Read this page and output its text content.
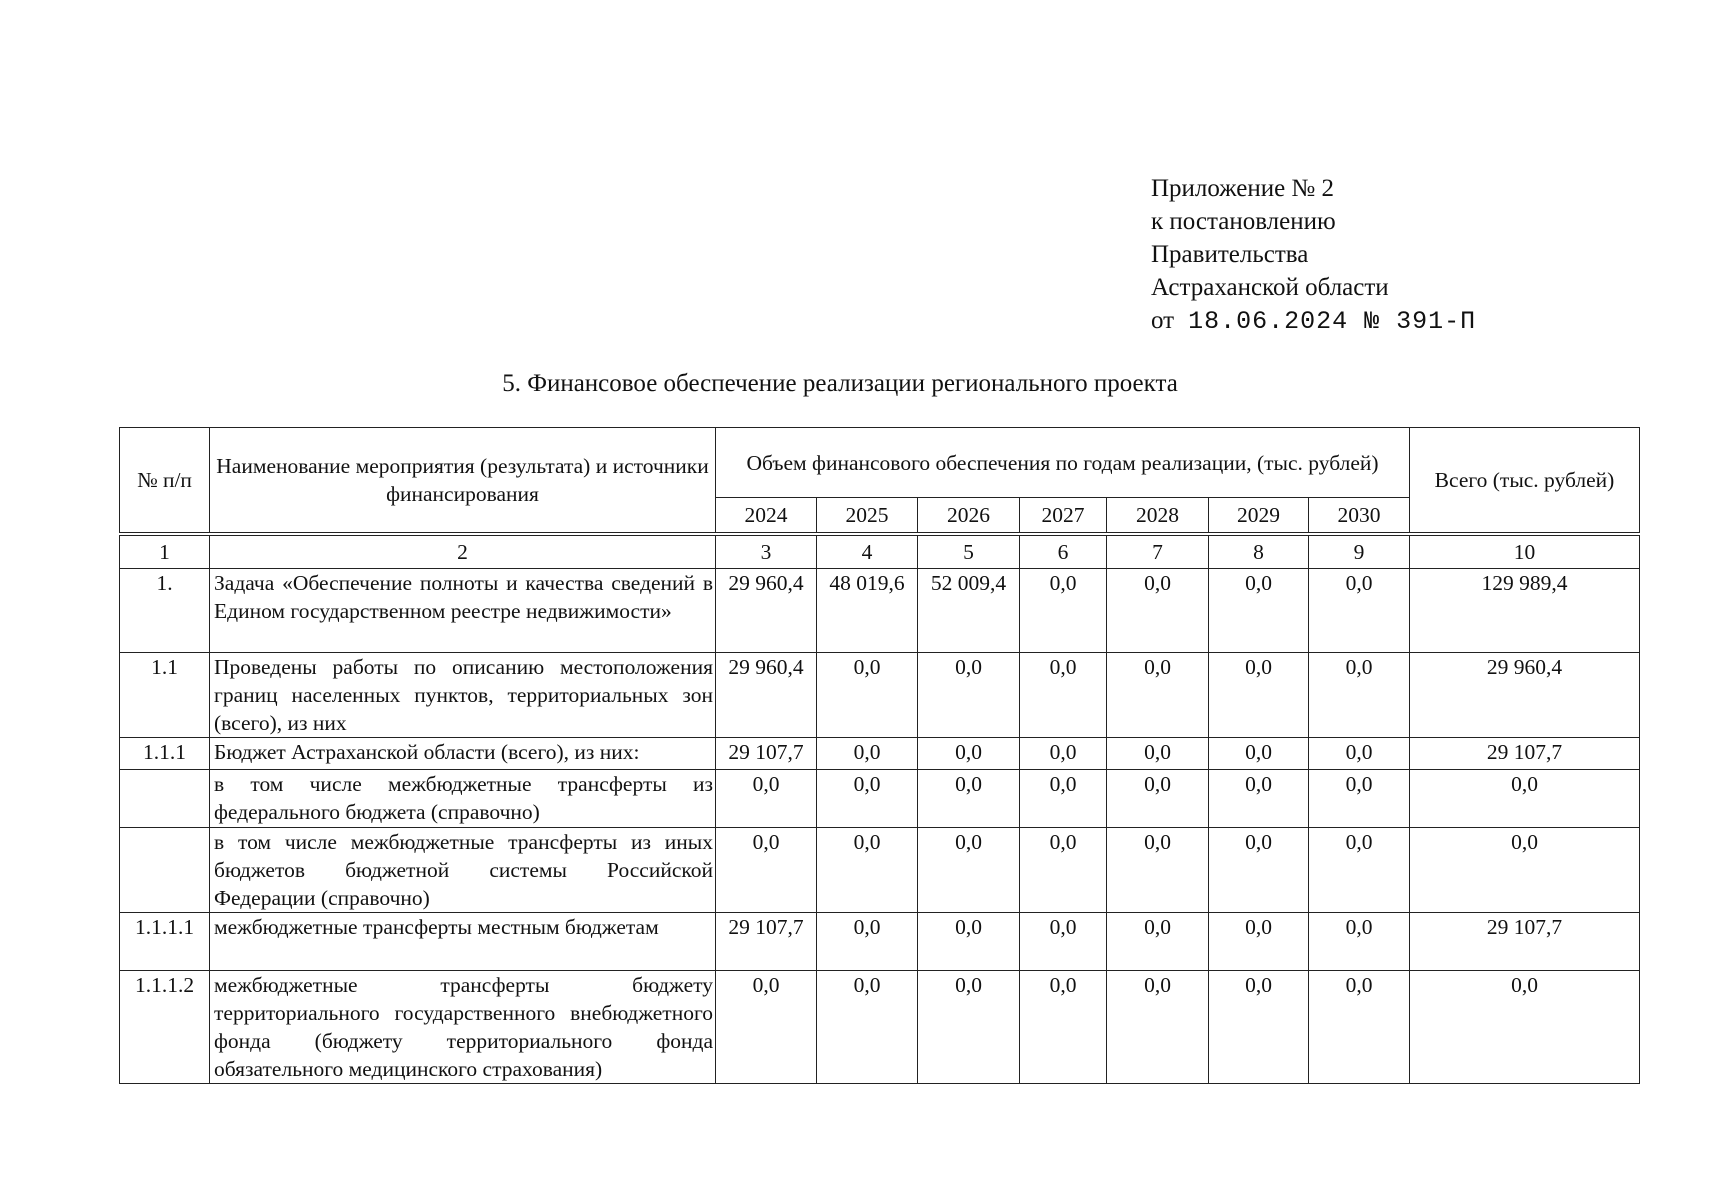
Приложение № 2
к постановлению
Правительства
Астраханской области
от 18.06.2024 № 391-П
5. Финансовое обеспечение реализации регионального проекта
№ п/п	Наименование мероприятия (результата) и источники финансирования	Объем финансового обеспечения по годам реализации, (тыс. рублей)							Всего (тыс. рублей)
		2024	2025	2026	2027	2028	2029	2030	

1	2	3	4	5	6	7	8	9	10
1.	Задача «Обеспечение полноты и качества сведений в Едином государственном реестре недвижимости»	29 960,4	48 019,6	52 009,4	0,0	0,0	0,0	0,0	129 989,4
1.1	Проведены работы по описанию местоположения границ населенных пунктов, территориальных зон (всего), из них	29 960,4	0,0	0,0	0,0	0,0	0,0	0,0	29 960,4
1.1.1	Бюджет Астраханской области (всего), из них:	29 107,7	0,0	0,0	0,0	0,0	0,0	0,0	29 107,7
	в том числе межбюджетные трансферты из федерального бюджета (справочно)	0,0	0,0	0,0	0,0	0,0	0,0	0,0	0,0
	в том числе межбюджетные трансферты из иных бюджетов бюджетной системы Российской Федерации (справочно)	0,0	0,0	0,0	0,0	0,0	0,0	0,0	0,0
1.1.1.1	межбюджетные трансферты местным бюджетам	29 107,7	0,0	0,0	0,0	0,0	0,0	0,0	29 107,7
1.1.1.2	межбюджетные трансферты бюджету территориального государственного внебюджетного фонда (бюджету территориального фонда обязательного медицинского страхования)	0,0	0,0	0,0	0,0	0,0	0,0	0,0	0,0
